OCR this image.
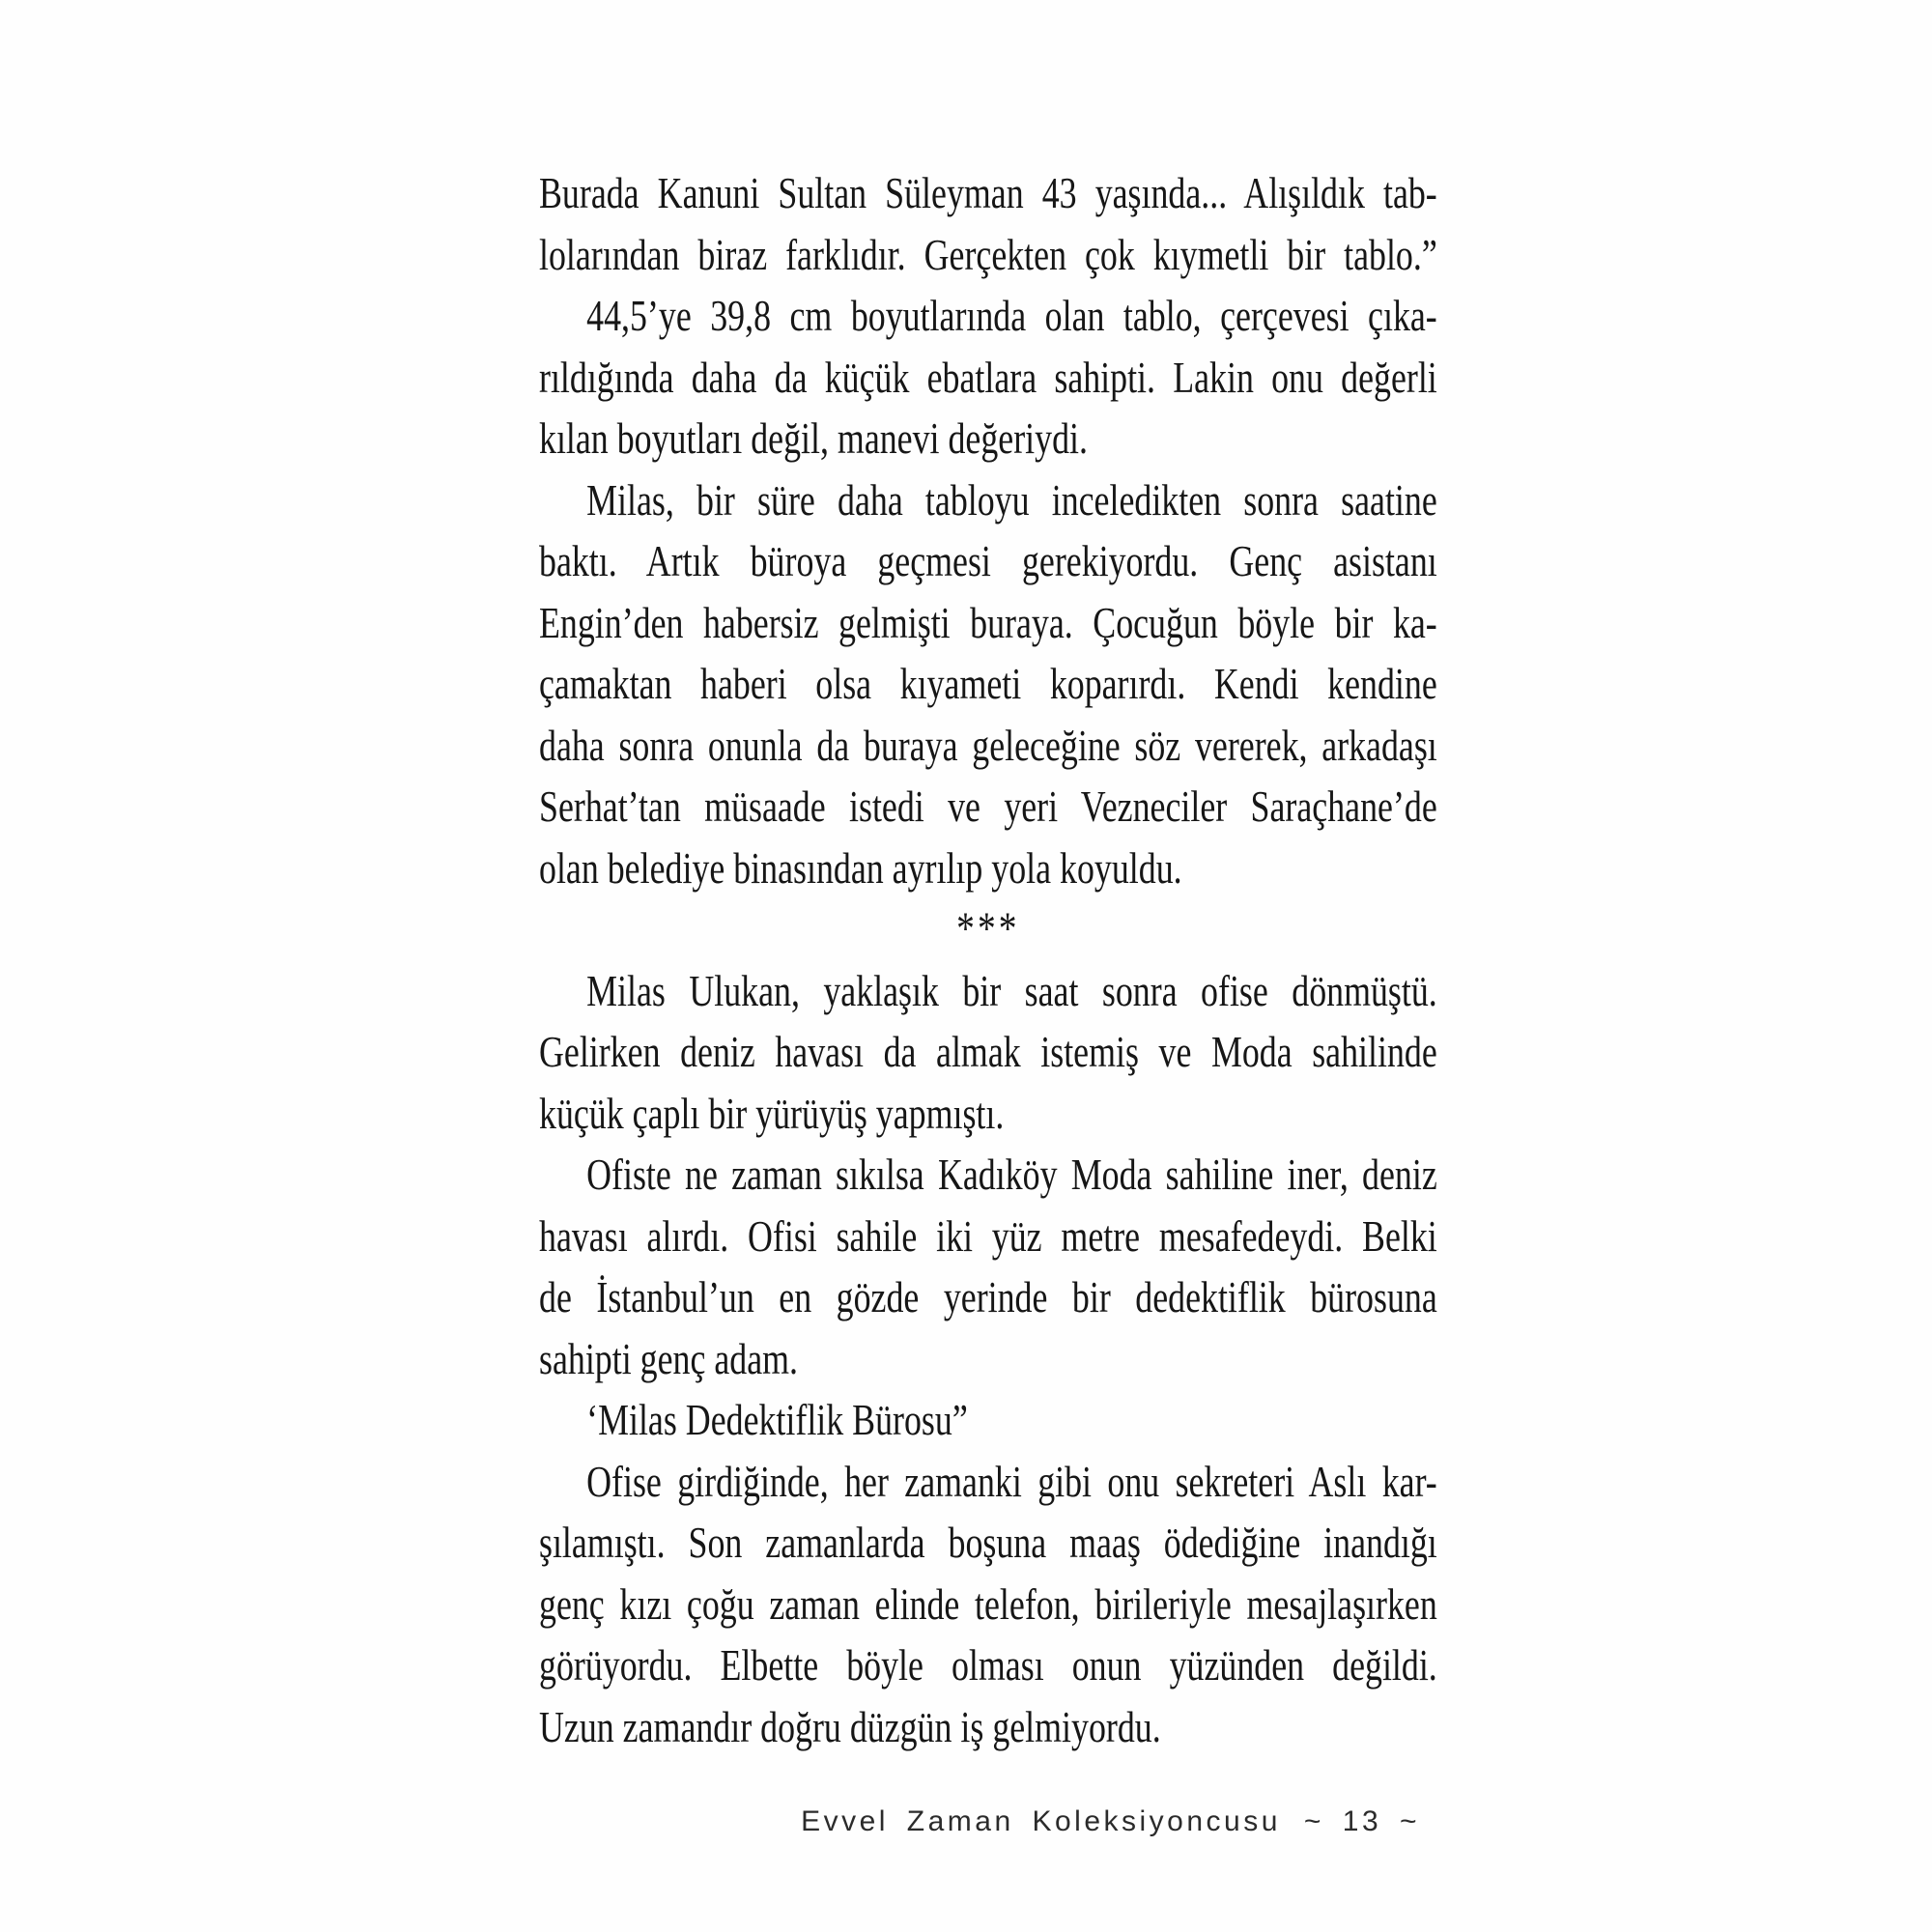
Burada Kanuni Sultan Süleyman 43 yaşında... Alışıldık tab-
lolarından biraz farklıdır. Gerçekten çok kıymetli bir tablo.”
44,5’ye 39,8 cm boyutlarında olan tablo, çerçevesi çıka-
rıldığında daha da küçük ebatlara sahipti. Lakin onu değerli
kılan boyutları değil, manevi değeriydi.
Milas, bir süre daha tabloyu inceledikten sonra saatine
baktı. Artık büroya geçmesi gerekiyordu. Genç asistanı
Engin’den habersiz gelmişti buraya. Çocuğun böyle bir ka-
çamaktan haberi olsa kıyameti koparırdı. Kendi kendine
daha sonra onunla da buraya geleceğine söz vererek, arkadaşı
Serhat’tan müsaade istedi ve yeri Vezneciler Saraçhane’de
olan belediye binasından ayrılıp yola koyuldu.
***
Milas Ulukan, yaklaşık bir saat sonra ofise dönmüştü.
Gelirken deniz havası da almak istemiş ve Moda sahilinde
küçük çaplı bir yürüyüş yapmıştı.
Ofiste ne zaman sıkılsa Kadıköy Moda sahiline iner, deniz
havası alırdı. Ofisi sahile iki yüz metre mesafedeydi. Belki
de İstanbul’un en gözde yerinde bir dedektiflik bürosuna
sahipti genç adam.
‘Milas Dedektiflik Bürosu”
Ofise girdiğinde, her zamanki gibi onu sekreteri Aslı kar-
şılamıştı. Son zamanlarda boşuna maaş ödediğine inandığı
genç kızı çoğu zaman elinde telefon, birileriyle mesajlaşırken
görüyordu. Elbette böyle olması onun yüzünden değildi.
Uzun zamandır doğru düzgün iş gelmiyordu.
Evvel Zaman Koleksiyoncusu ~ 13 ~
